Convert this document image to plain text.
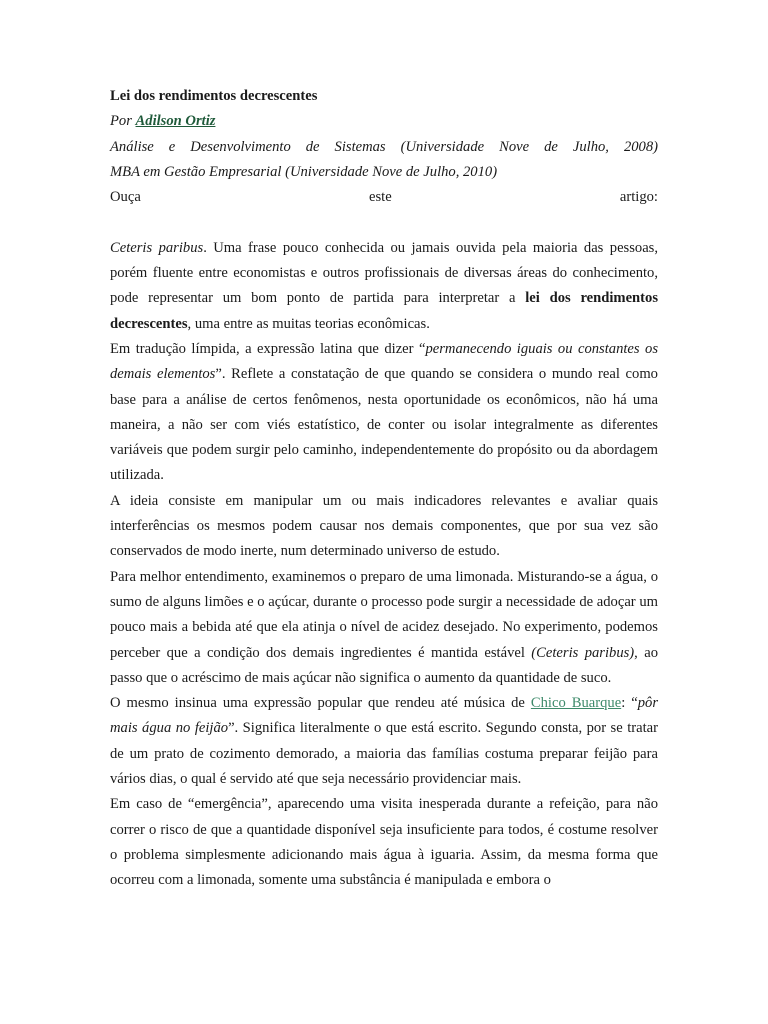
Lei dos rendimentos decrescentes

Por Adilson Ortiz

Análise e Desenvolvimento de Sistemas (Universidade Nove de Julho, 2008)

MBA em Gestão Empresarial (Universidade Nove de Julho, 2010)

Ouça	este	artigo:

Ceteris paribus. Uma frase pouco conhecida ou jamais ouvida pela maioria das pessoas, porém fluente entre economistas e outros profissionais de diversas áreas do conhecimento, pode representar um bom ponto de partida para interpretar a lei dos rendimentos decrescentes, uma entre as muitas teorias econômicas.

Em tradução límpida, a expressão latina que dizer “permanecendo iguais ou constantes os demais elementos”. Reflete a constatação de que quando se considera o mundo real como base para a análise de certos fenômenos, nesta oportunidade os econômicos, não há uma maneira, a não ser com viés estatístico, de conter ou isolar integralmente as diferentes variáveis que podem surgir pelo caminho, independentemente do propósito ou da abordagem utilizada.

A ideia consiste em manipular um ou mais indicadores relevantes e avaliar quais interferências os mesmos podem causar nos demais componentes, que por sua vez são conservados de modo inerte, num determinado universo de estudo.

Para melhor entendimento, examinemos o preparo de uma limonada. Misturando-se a água, o sumo de alguns limões e o açúcar, durante o processo pode surgir a necessidade de adoçar um pouco mais a bebida até que ela atinja o nível de acidez desejado. No experimento, podemos perceber que a condição dos demais ingredientes é mantida estável (Ceteris paribus), ao passo que o acréscimo de mais açúcar não significa o aumento da quantidade de suco.

O mesmo insinua uma expressão popular que rendeu até música de Chico Buarque: “pôr mais água no feijão”. Significa literalmente o que está escrito. Segundo consta, por se tratar de um prato de cozimento demorado, a maioria das famílias costuma preparar feijão para vários dias, o qual é servido até que seja necessário providenciar mais.

Em caso de “emergência”, aparecendo uma visita inesperada durante a refeição, para não correr o risco de que a quantidade disponível seja insuficiente para todos, é costume resolver o problema simplesmente adicionando mais água à iguaria. Assim, da mesma forma que ocorreu com a limonada, somente uma substância é manipulada e embora o
